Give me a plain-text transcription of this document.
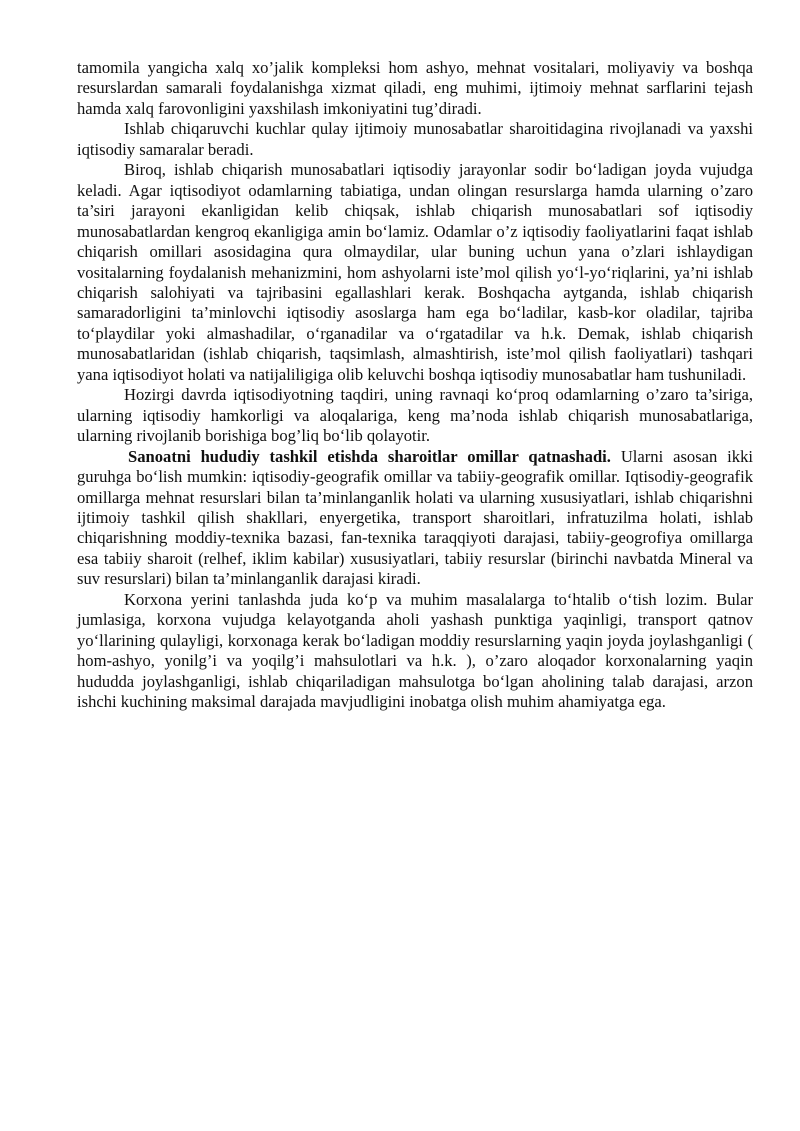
tamomila yangicha xalq xo’jalik kompleksi hom ashyo, mehnat vositalari, moliyaviy va boshqa resurslardan samarali foydalanishga xizmat qiladi, eng muhimi, ijtimoiy mehnat sarflarini tejash hamda xalq farovonligini yaxshilash imkoniyatini tug’diradi.

Ishlab chiqaruvchi kuchlar qulay ijtimoiy munosabatlar sharoitidagina rivojlanadi va yaxshi iqtisodiy samaralar beradi.

Biroq, ishlab chiqarish munosabatlari iqtisodiy jarayonlar sodir bo‘ladigan joyda vujudga keladi. Agar iqtisodiyot odamlarning tabiatiga, undan olingan resurslarga hamda ularning o’zaro ta’siri jarayoni ekanligidan kelib chiqsak, ishlab chiqarish munosabatlari sof iqtisodiy munosabatlardan kengroq ekanligiga amin bo‘lamiz. Odamlar o’z iqtisodiy faoliyatlarini faqat ishlab chiqarish omillari asosidagina qura olmaydilar, ular buning uchun yana o’zlari ishlaydigan vositalarning foydalanish mehanizmini, hom ashyolarni iste’mol qilish yo‘l-yo‘riqlarini, ya’ni ishlab chiqarish salohiyati va tajribasini egallashlari kerak. Boshqacha aytganda, ishlab chiqarish samaradorligini ta’minlovchi iqtisodiy asoslarga ham ega bo‘ladilar, kasb-kor oladilar, tajriba to‘playdilar yoki almashadilar, o‘rganadilar va o‘rgatadilar va h.k. Demak, ishlab chiqarish munosabatlaridan (ishlab chiqarish, taqsimlash, almashtirish, iste’mol qilish faoliyatlari) tashqari yana iqtisodiyot holati va natijaliligiga olib keluvchi boshqa iqtisodiy munosabatlar ham tushuniladi.

Hozirgi davrda iqtisodiyotning taqdiri, uning ravnaqi ko‘proq odamlarning o’zaro ta’siriga, ularning iqtisodiy hamkorligi va aloqalariga, keng ma’noda ishlab chiqarish munosabatlariga, ularning rivojlanib borishiga bog’liq bo‘lib qolayotir.

Sanoatni hududiy tashkil etishda sharoitlar omillar qatnashadi. Ularni asosan ikki guruhga bo‘lish mumkin: iqtisodiy-geografik omillar va tabiiy-geografik omillar. Iqtisodiy-geografik omillarga mehnat resurslari bilan ta’minlanganlik holati va ularning xususiyatlari, ishlab chiqarishni ijtimoiy tashkil qilish shakllari, enyergetika, transport sharoitlari, infratuzilma holati, ishlab chiqarishning moddiy-texnika bazasi, fan-texnika taraqqiyoti darajasi, tabiiy-geogrofiya omillarga esa tabiiy sharoit (relhef, iklim kabilar) xususiyatlari, tabiiy resurslar (birinchi navbatda Mineral va suv resurslari) bilan ta’minlanganlik darajasi kiradi.

Korxona yerini tanlashda juda ko‘p va muhim masalalarga to‘htalib o‘tish lozim. Bular jumlasiga, korxona vujudga kelayotganda aholi yashash punktiga yaqinligi, transport qatnov yo‘llarining qulayligi, korxonaga kerak bo‘ladigan moddiy resurslarning yaqin joyda joylashganligi ( hom-ashyo, yonilg’i va yoqilg’i mahsulotlari va h.k. ), o’zaro aloqador korxonalarning yaqin hududda joylashganligi, ishlab chiqariladigan mahsulotga bo‘lgan aholining talab darajasi, arzon ishchi kuchining maksimal darajada mavjudligini inobatga olish muhim ahamiyatga ega.
